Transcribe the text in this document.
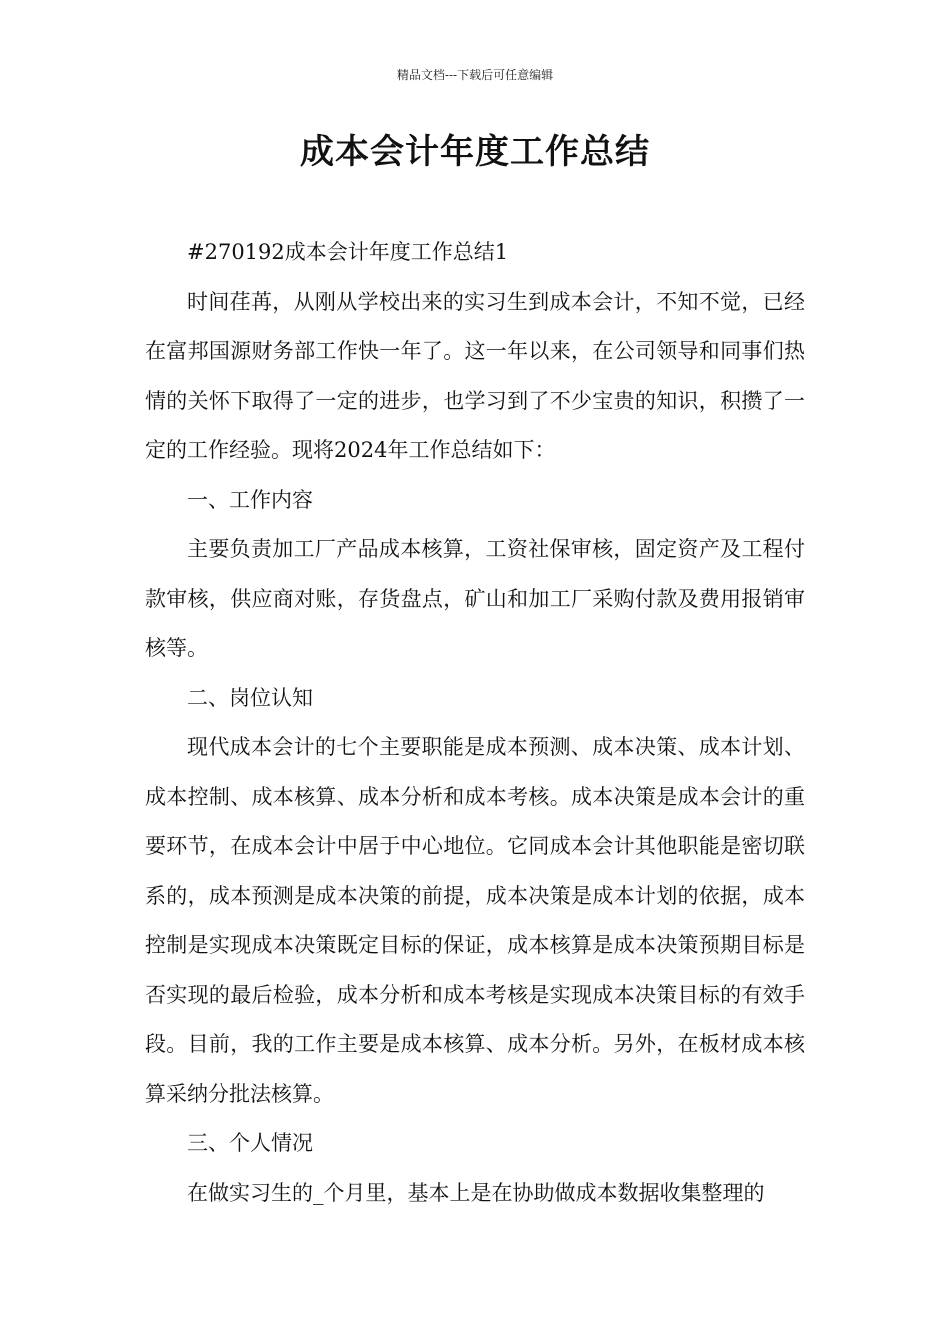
精品文档---下载后可任意编辑
成本会计年度工作总结

#270192成本会计年度工作总结1

时间荏苒，从刚从学校出来的实习生到成本会计，不知不觉，已经在富邦国源财务部工作快一年了。这一年以来，在公司领导和同事们热情的关怀下取得了一定的进步，也学习到了不少宝贵的知识，积攒了一定的工作经验。现将2024年工作总结如下：

一、工作内容

主要负责加工厂产品成本核算，工资社保审核，固定资产及工程付款审核，供应商对账，存货盘点，矿山和加工厂采购付款及费用报销审核等。

二、岗位认知

现代成本会计的七个主要职能是成本预测、成本决策、成本计划、成本控制、成本核算、成本分析和成本考核。成本决策是成本会计的重要环节，在成本会计中居于中心地位。它同成本会计其他职能是密切联系的，成本预测是成本决策的前提，成本决策是成本计划的依据，成本控制是实现成本决策既定目标的保证，成本核算是成本决策预期目标是否实现的最后检验，成本分析和成本考核是实现成本决策目标的有效手段。目前，我的工作主要是成本核算、成本分析。另外，在板材成本核算采纳分批法核算。

三、个人情况

在做实习生的_个月里，基本上是在协助做成本数据收集整理的
